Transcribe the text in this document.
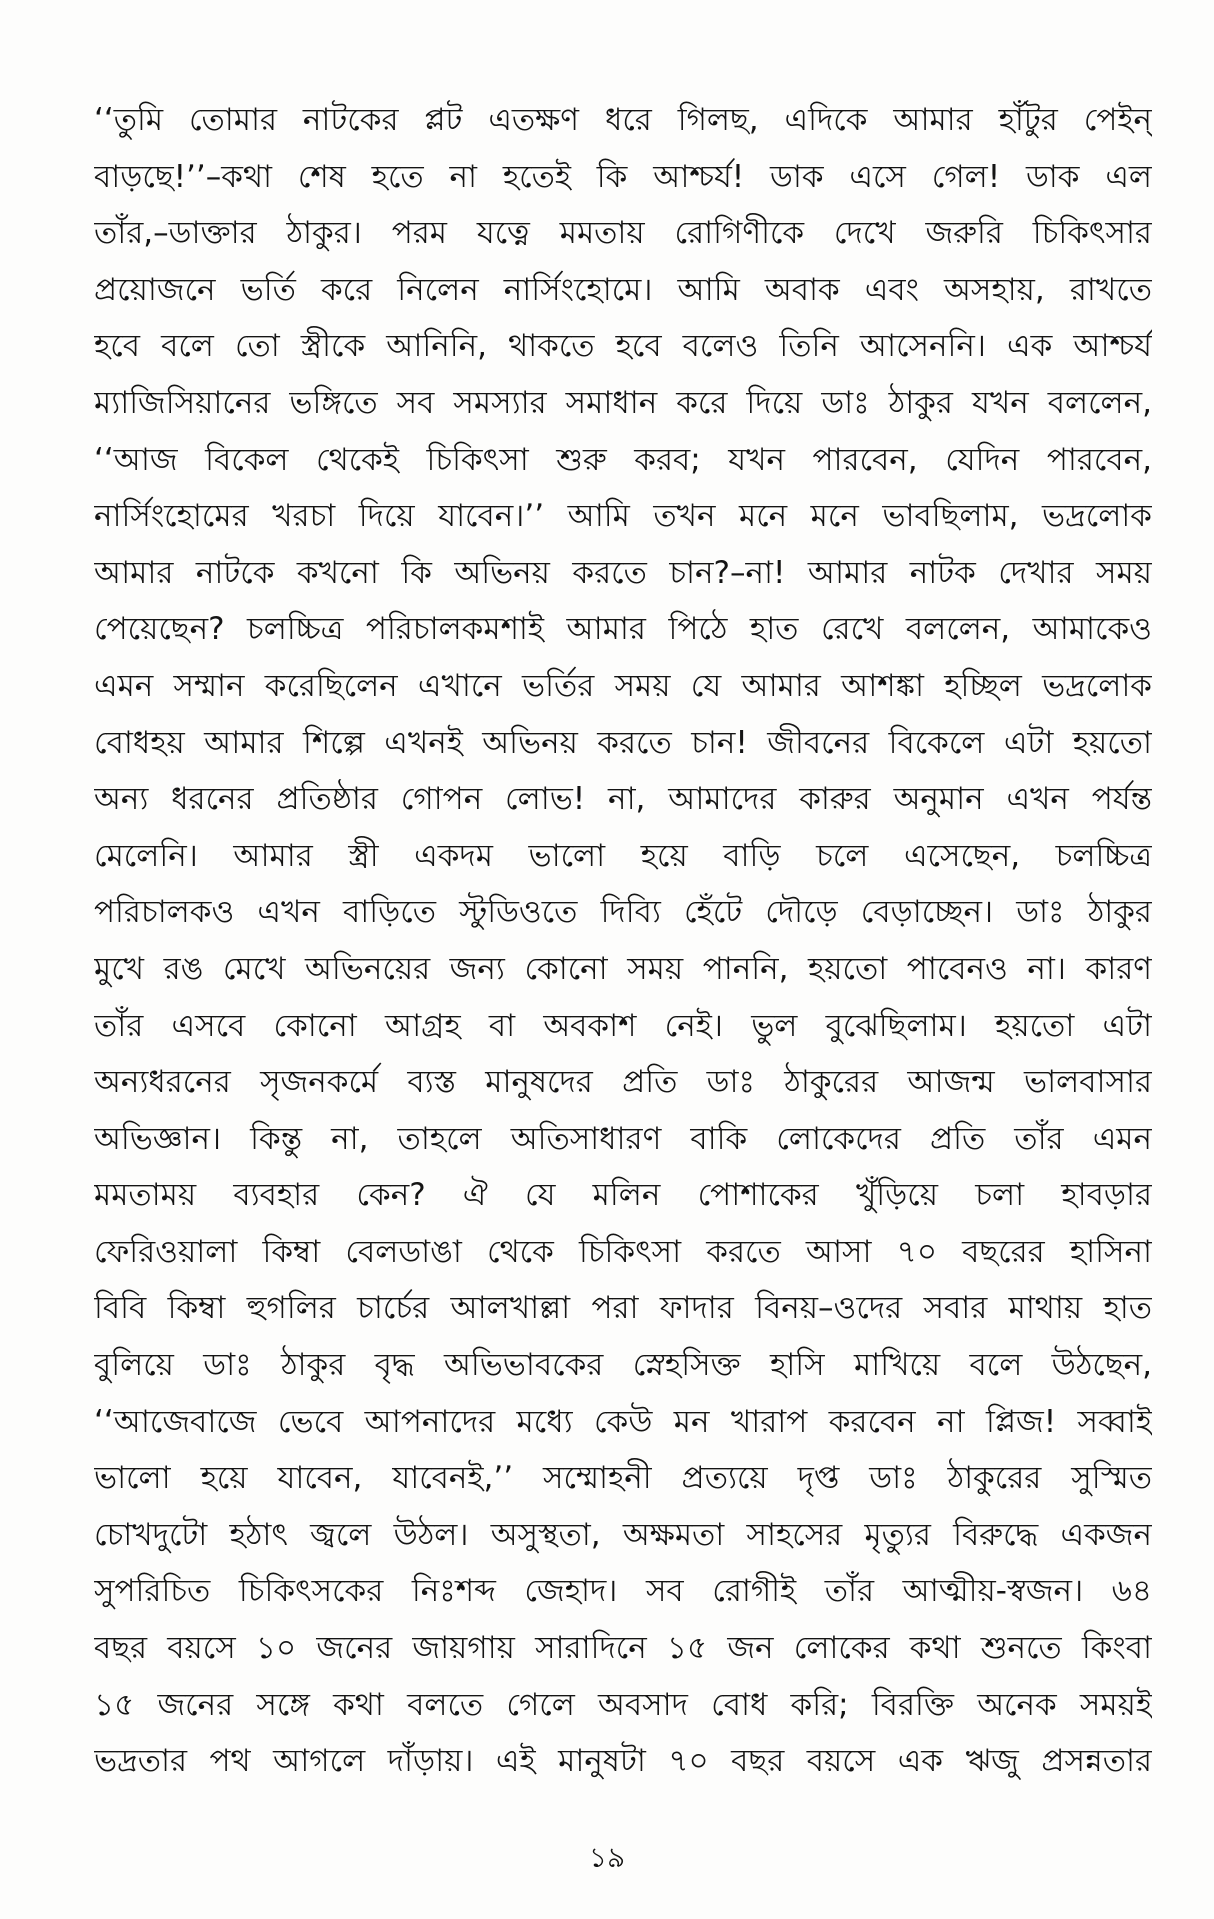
‘‘তুমি তোমার নাটকের প্লট এতক্ষণ ধরে গিলছ, এদিকে আমার হাঁটুর পেইন্
বাড়ছে!’’–কথা শেষ হতে না হতেই কি আশ্চর্য! ডাক এসে গেল! ডাক এল
তাঁর,–ডাক্তার ঠাকুর। পরম যত্নে মমতায় রোগিণীকে দেখে জরুরি চিকিৎসার
প্রয়োজনে ভর্তি করে নিলেন নার্সিংহোমে। আমি অবাক এবং অসহায়, রাখতে
হবে বলে তো স্ত্রীকে আনিনি, থাকতে হবে বলেও তিনি আসেননি। এক আশ্চর্য
ম্যাজিসিয়ানের ভঙ্গিতে সব সমস্যার সমাধান করে দিয়ে ডাঃ ঠাকুর যখন বললেন,
‘‘আজ বিকেল থেকেই চিকিৎসা শুরু করব; যখন পারবেন, যেদিন পারবেন,
নার্সিংহোমের খরচা দিয়ে যাবেন।’’ আমি তখন মনে মনে ভাবছিলাম, ভদ্রলোক
আমার নাটকে কখনো কি অভিনয় করতে চান?–না! আমার নাটক দেখার সময়
পেয়েছেন? চলচ্চিত্র পরিচালকমশাই আমার পিঠে হাত রেখে বললেন, আমাকেও
এমন সম্মান করেছিলেন এখানে ভর্তির সময় যে আমার আশঙ্কা হচ্ছিল ভদ্রলোক
বোধহয় আমার শিল্পে এখনই অভিনয় করতে চান! জীবনের বিকেলে এটা হয়তো
অন্য ধরনের প্রতিষ্ঠার গোপন লোভ! না, আমাদের কারুর অনুমান এখন পর্যন্ত
মেলেনি। আমার স্ত্রী একদম ভালো হয়ে বাড়ি চলে এসেছেন, চলচ্চিত্র
পরিচালকও এখন বাড়িতে স্টুডিওতে দিব্যি হেঁটে দৌড়ে বেড়াচ্ছেন। ডাঃ ঠাকুর
মুখে রঙ মেখে অভিনয়ের জন্য কোনো সময় পাননি, হয়তো পাবেনও না। কারণ
তাঁর এসবে কোনো আগ্রহ বা অবকাশ নেই। ভুল বুঝেছিলাম। হয়তো এটা
অন্যধরনের সৃজনকর্মে ব্যস্ত মানুষদের প্রতি ডাঃ ঠাকুরের আজন্ম ভালবাসার
অভিজ্ঞান। কিন্তু না, তাহলে অতিসাধারণ বাকি লোকেদের প্রতি তাঁর এমন
মমতাময় ব্যবহার কেন? ঐ যে মলিন পোশাকের খুঁড়িয়ে চলা হাবড়ার
ফেরিওয়ালা কিম্বা বেলডাঙা থেকে চিকিৎসা করতে আসা ৭০ বছরের হাসিনা
বিবি কিম্বা হুগলির চার্চের আলখাল্লা পরা ফাদার বিনয়–ওদের সবার মাথায় হাত
বুলিয়ে ডাঃ ঠাকুর বৃদ্ধ অভিভাবকের স্নেহসিক্ত হাসি মাখিয়ে বলে উঠছেন,
‘‘আজেবাজে ভেবে আপনাদের মধ্যে কেউ মন খারাপ করবেন না প্লিজ! সব্বাই
ভালো হয়ে যাবেন, যাবেনই,’’ সম্মোহনী প্রত্যয়ে দৃপ্ত ডাঃ ঠাকুরের সুস্মিত
চোখদুটো হঠাৎ জ্বলে উঠল। অসুস্থতা, অক্ষমতা সাহসের মৃত্যুর বিরুদ্ধে একজন
সুপরিচিত চিকিৎসকের নিঃশব্দ জেহাদ। সব রোগীই তাঁর আত্মীয়-স্বজন। ৬৪
বছর বয়সে ১০ জনের জায়গায় সারাদিনে ১৫ জন লোকের কথা শুনতে কিংবা
১৫ জনের সঙ্গে কথা বলতে গেলে অবসাদ বোধ করি; বিরক্তি অনেক সময়ই
ভদ্রতার পথ আগলে দাঁড়ায়। এই মানুষটা ৭০ বছর বয়সে এক ঋজু প্রসন্নতার
১৯
